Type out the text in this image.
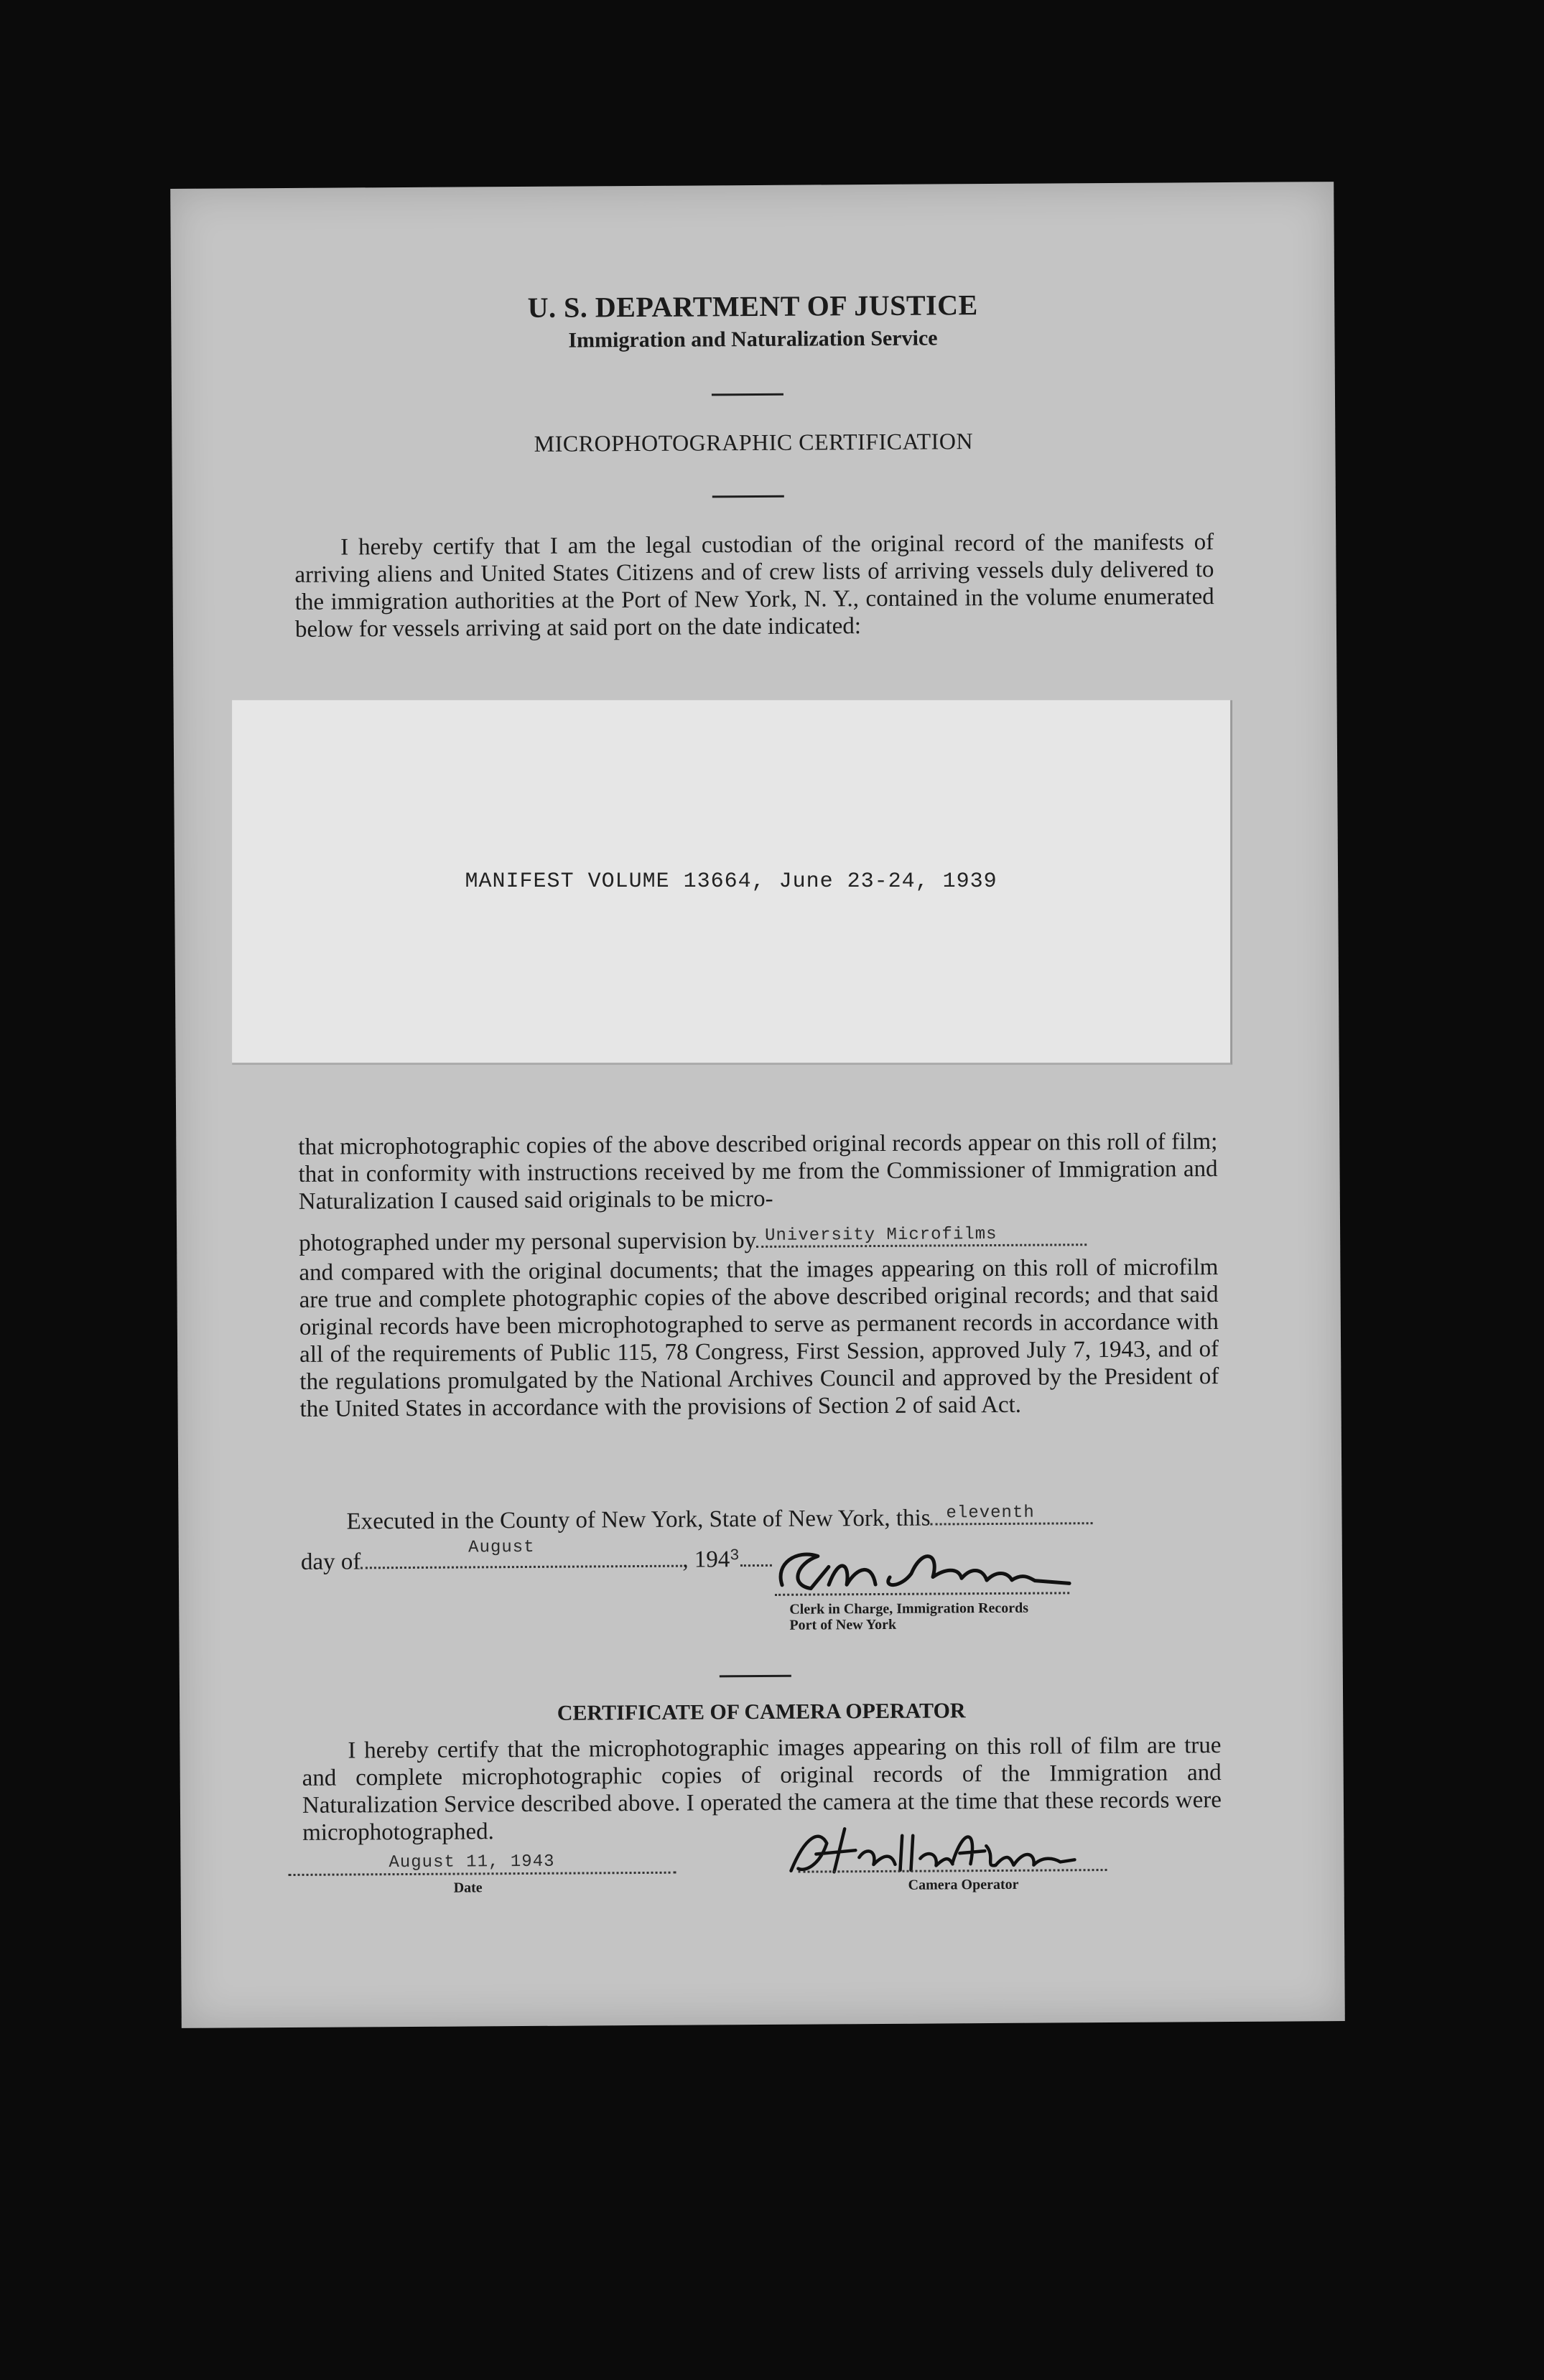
U. S. DEPARTMENT OF JUSTICE
Immigration and Naturalization Service
MICROPHOTOGRAPHIC CERTIFICATION

I hereby certify that I am the legal custodian of the original record of the manifests of arriving aliens and United States Citizens and of crew lists of arriving vessels duly delivered to the immigration authorities at the Port of New York, N. Y., contained in the volume enumerated below for vessels arriving at said port on the date indicated:

MANIFEST VOLUME 13664, June 23-24, 1939

that microphotographic copies of the above described original records appear on this roll of film; that in conformity with instructions received by me from the Commissioner of Immigration and Naturalization I caused said originals to be micro-

photographed under my personal supervision by University Microfilms

and compared with the original documents; that the images appearing on this roll of microfilm are true and complete photographic copies of the above described original records; and that said original records have been microphotographed to serve as permanent records in accordance with all of the requirements of Public 115, 78 Congress, First Session, approved July 7, 1943, and of the regulations promulgated by the National Archives Council and approved by the President of the United States in accordance with the provisions of Section 2 of said Act.

Executed in the County of New York, State of New York, this eleventh
day of
August	, $194^3$
Clerk in Charge, Immigration Records
Port of New York
CERTIFICATE OF CAMERA OPERATOR

I hereby certify that the microphotographic images appearing on this roll of film are true and complete microphotographic copies of original records of the Immigration and Naturalization Service described above. I operated the camera at the time that these records were microphotographed.

August 11, 1943
Date	Camera Operator
